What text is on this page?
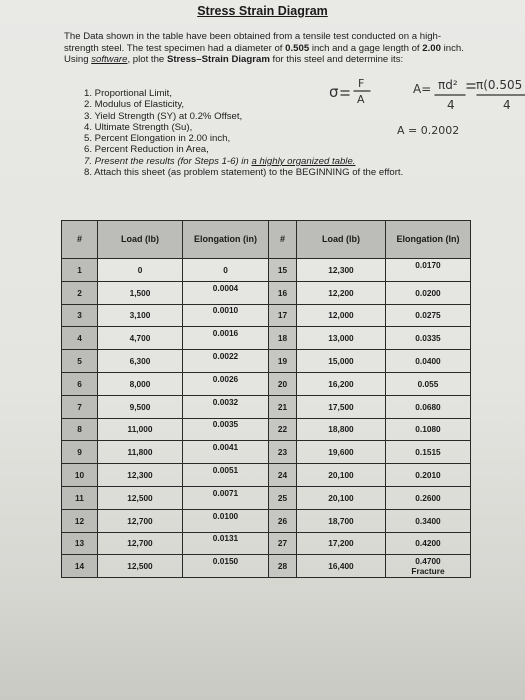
Stress Strain Diagram
The Data shown in the table have been obtained from a tensile test conducted on a high-strength steel. The test specimen had a diameter of 0.505 inch and a gage length of 2.00 inch. Using software, plot the Stress–Strain Diagram for this steel and determine its:
1. Proportional Limit,
2. Modulus of Elasticity,
3. Yield Strength (SY) at 0.2% Offset,
4. Ultimate Strength (Su),
5. Percent Elongation in 2.00 inch,
6. Percent Reduction in Area,
7. Present the results (for Steps 1-6) in a highly organized table.
8. Attach this sheet (as problem statement) to the BEGINNING of the effort.
σ F
A
A= πd²
4
π(0.505
4
A = 0.2002
#	Load (lb)	Elongation (in)	#	Load (lb)	Elongation (In)
1	0	0	15	12,300	0.0170
2	1,500	0.0004	16	12,200	0.0200
3	3,100	0.0010	17	12,000	0.0275
4	4,700	0.0016	18	13,000	0.0335
5	6,300	0.0022	19	15,000	0.0400
6	8,000	0.0026	20	16,200	0.055
7	9,500	0.0032	21	17,500	0.0680
8	11,000	0.0035	22	18,800	0.1080
9	11,800	0.0041	23	19,600	0.1515
10	12,300	0.0051	24	20,100	0.2010
11	12,500	0.0071	25	20,100	0.2600
12	12,700	0.0100	26	18,700	0.3400
13	12,700	0.0131	27	17,200	0.4200
14	12,500	0.0150	28	16,400	0.4700
Fracture
